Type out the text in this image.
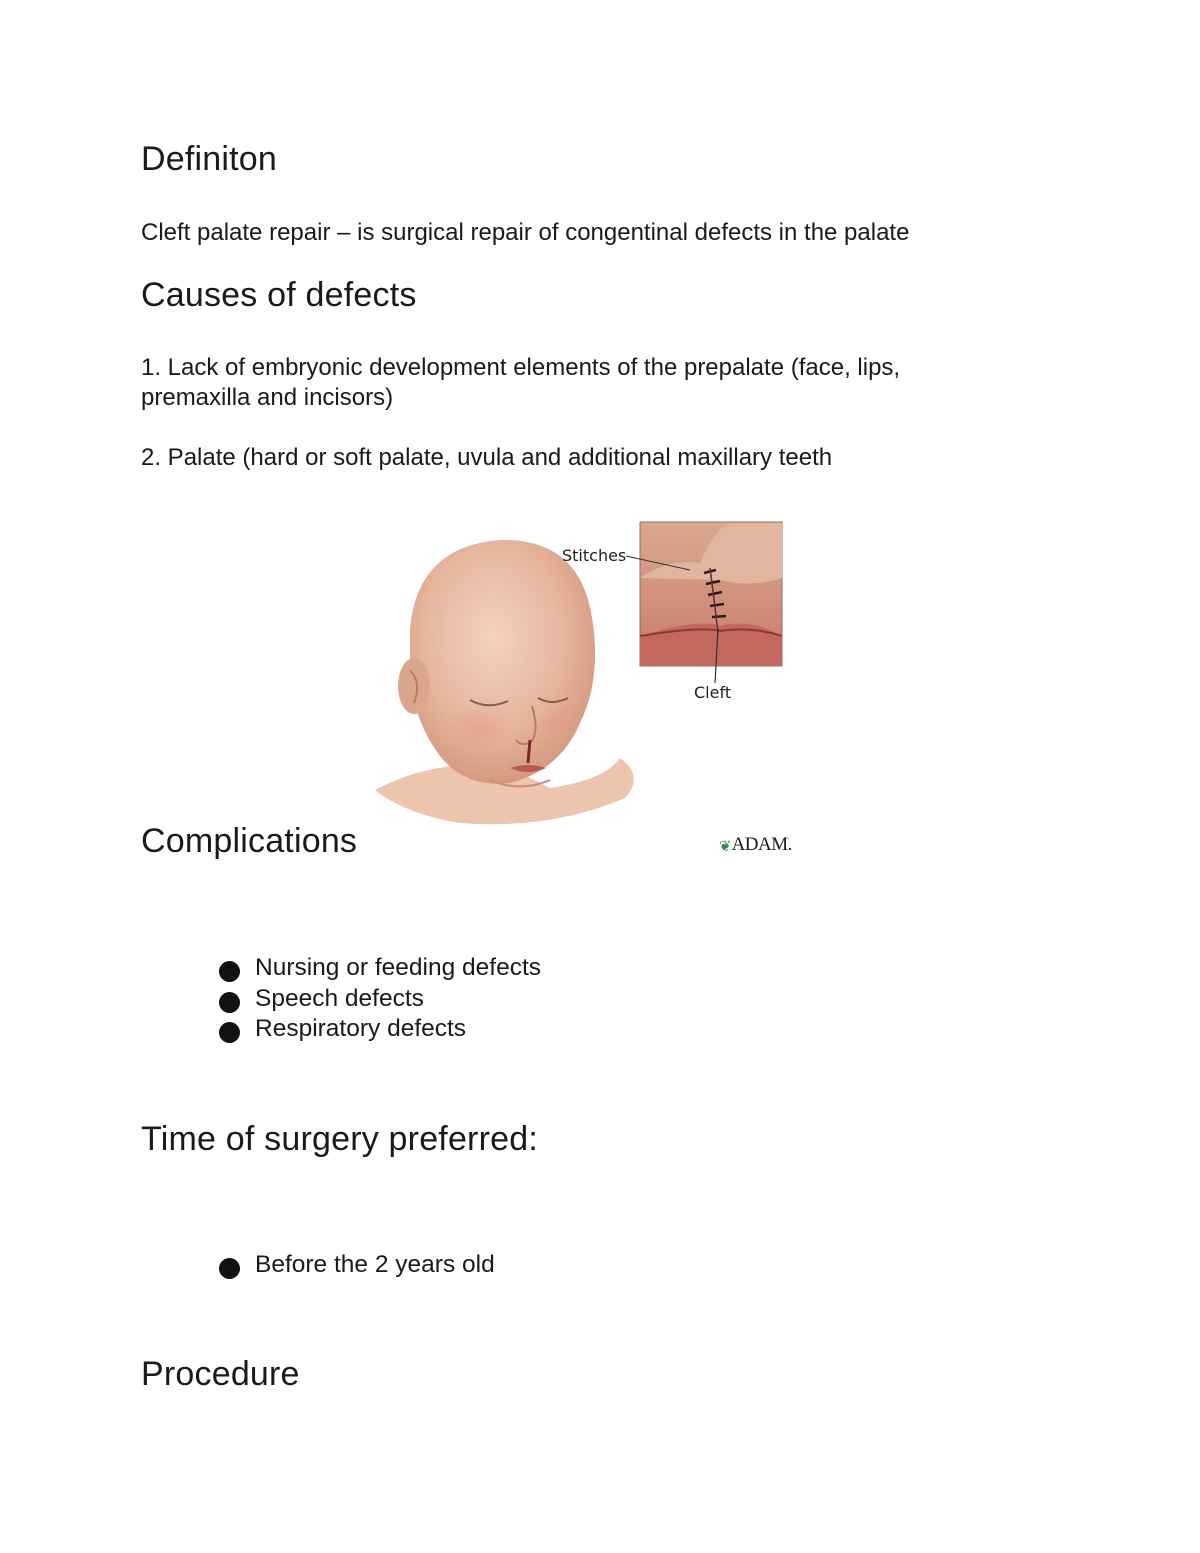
Definiton

Cleft palate repair – is surgical repair of congentinal defects in the palate

Causes of defects

1. Lack of embryonic development elements of the prepalate (face, lips,

premaxilla and incisors)

2. Palate (hard or soft palate, uvula and additional maxillary teeth

Stitches
Cleft
❦ADAM.
Complications
Nursing or feeding defects
Speech defects
Respiratory defects
Time of surgery preferred:
Before the 2 years old
Procedure
